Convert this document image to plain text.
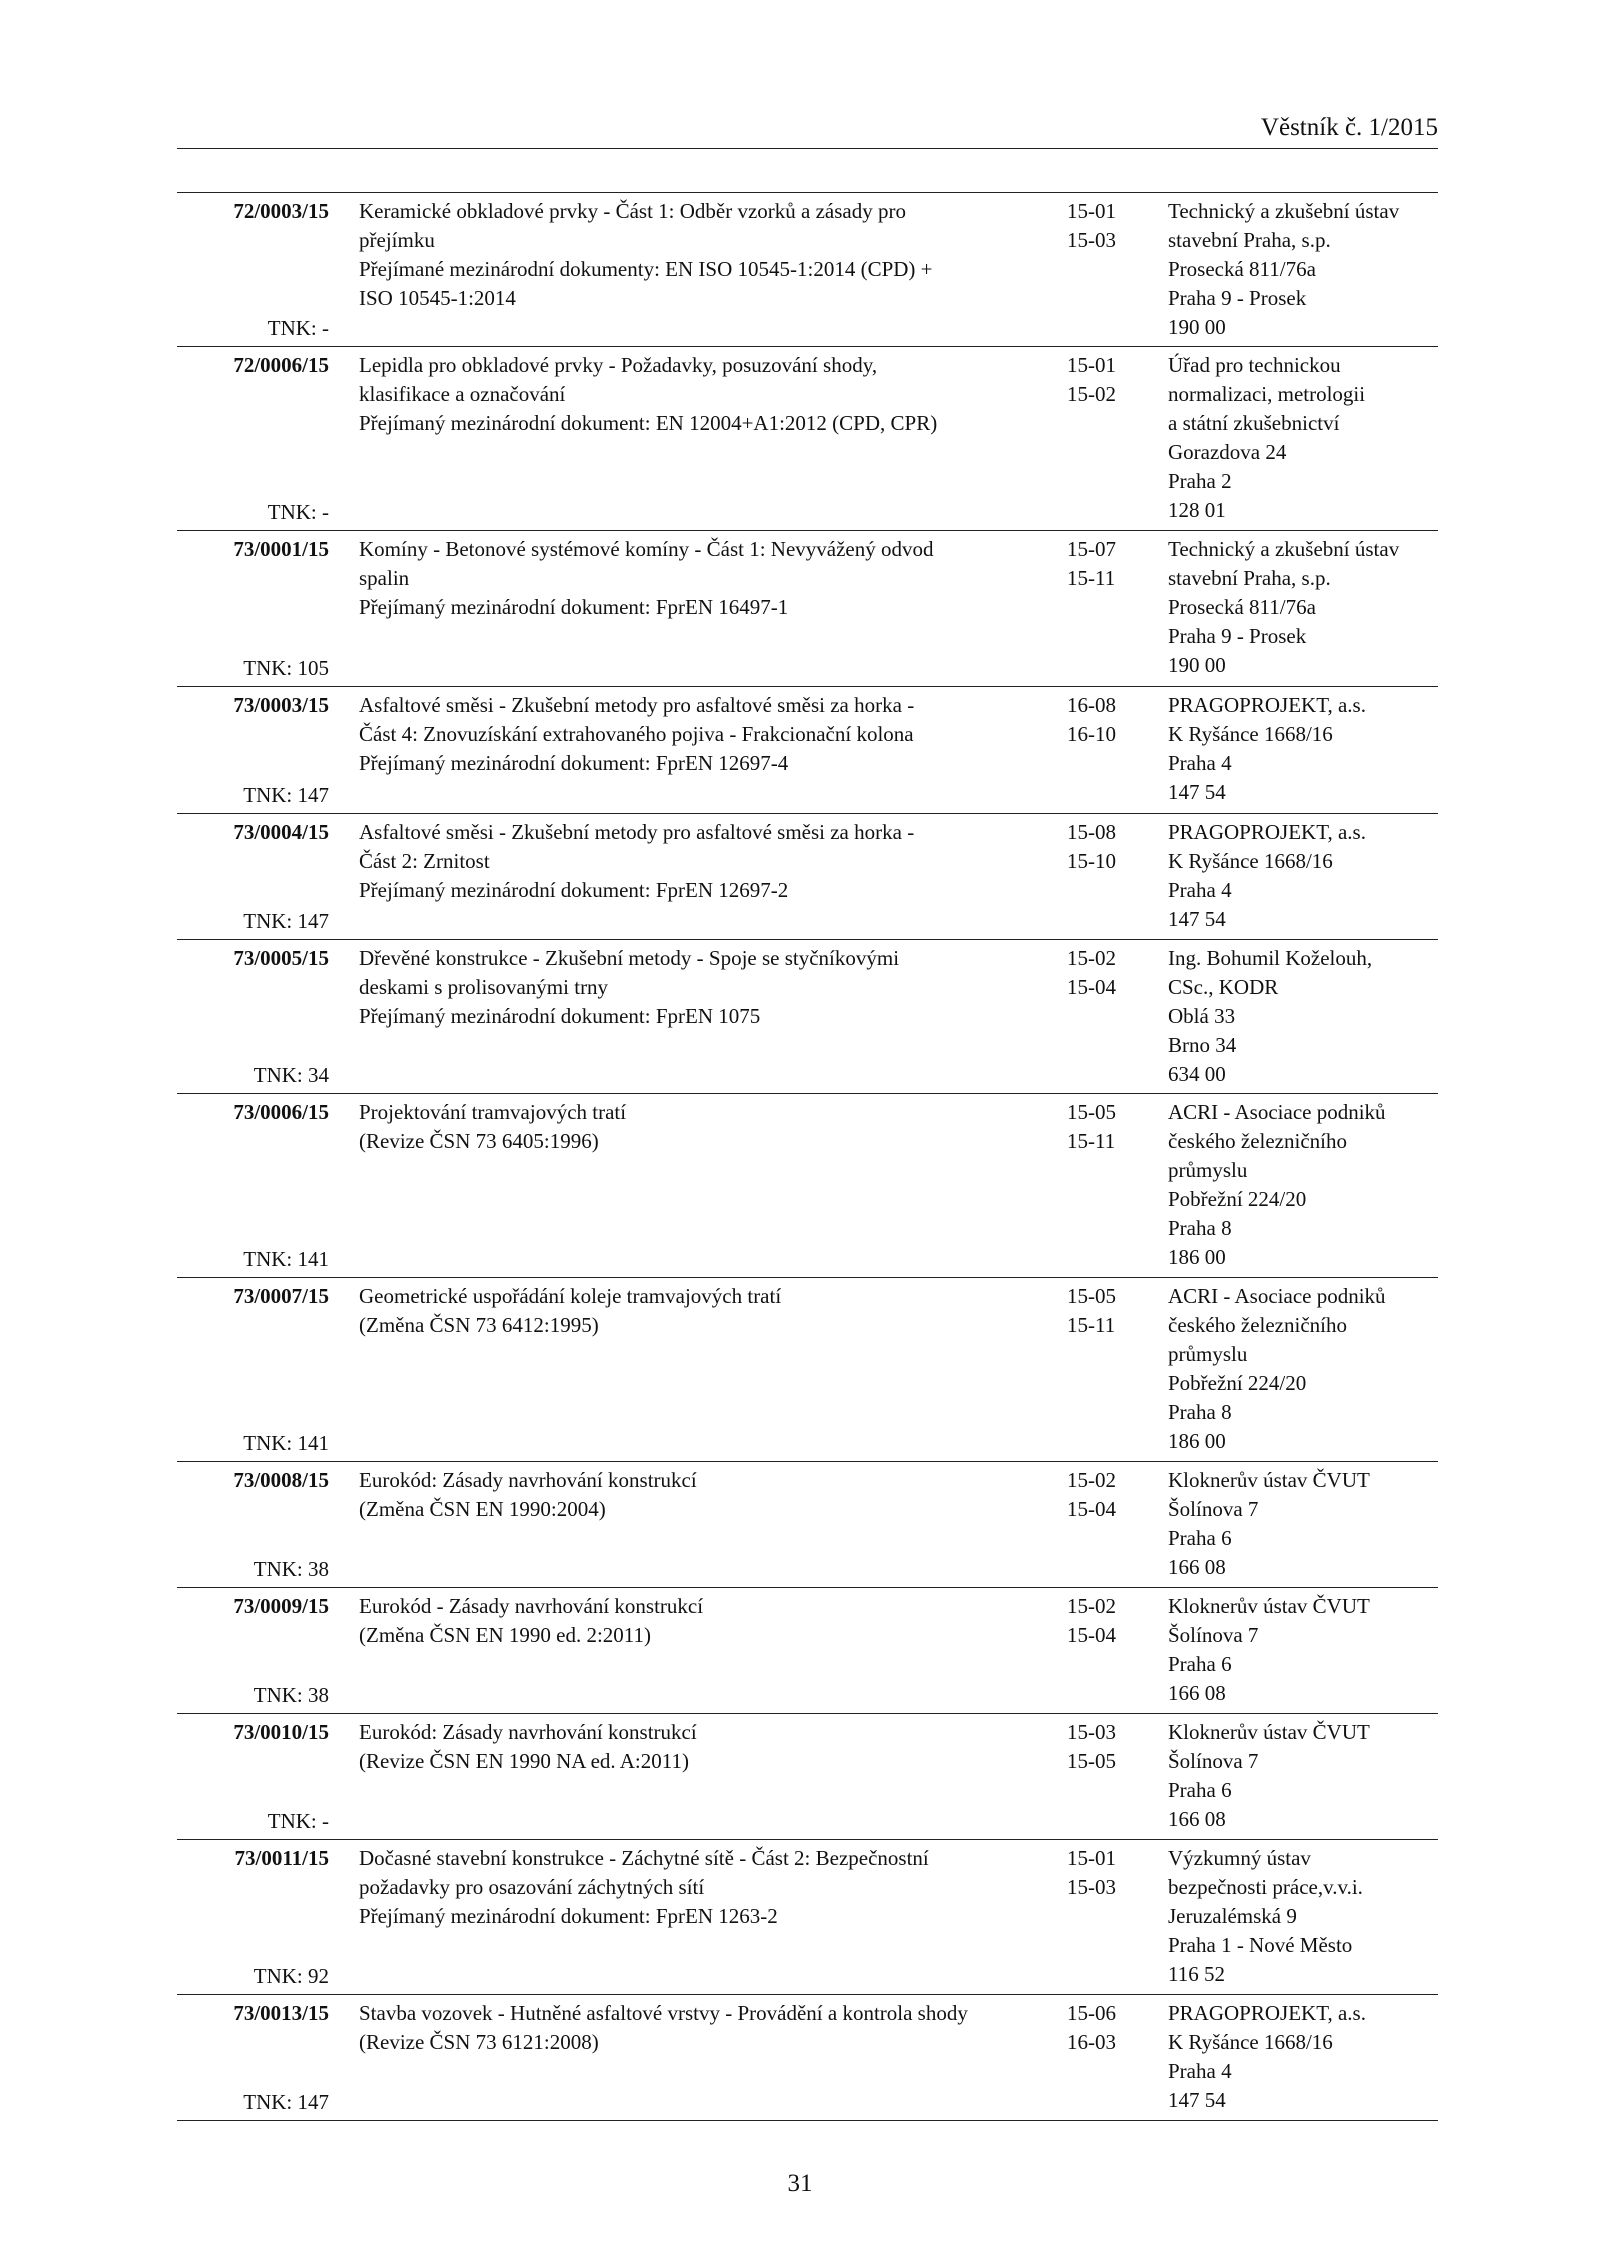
Věstník č. 1/2015
72/0003/15
TNK: -
Keramické obkladové prvky - Část 1: Odběr vzorků a zásady pro
přejímku
Přejímané mezinárodní dokumenty: EN ISO 10545-1:2014 (CPD) +
ISO 10545-1:2014
15-01
15-03
Technický a zkušební ústav
stavební Praha, s.p.
Prosecká 811/76a
Praha 9 - Prosek
190 00
72/0006/15
TNK: -
Lepidla pro obkladové prvky - Požadavky, posuzování shody,
klasifikace a označování
Přejímaný mezinárodní dokument: EN 12004+A1:2012 (CPD, CPR)
15-01
15-02
Úřad pro technickou
normalizaci, metrologii
a státní zkušebnictví
Gorazdova 24
Praha 2
128 01
73/0001/15
TNK: 105
Komíny - Betonové systémové komíny - Část 1: Nevyvážený odvod
spalin
Přejímaný mezinárodní dokument: FprEN 16497-1
15-07
15-11
Technický a zkušební ústav
stavební Praha, s.p.
Prosecká 811/76a
Praha 9 - Prosek
190 00
73/0003/15
TNK: 147
Asfaltové směsi - Zkušební metody pro asfaltové směsi za horka -
Část 4: Znovuzískání extrahovaného pojiva - Frakcionační kolona
Přejímaný mezinárodní dokument: FprEN 12697-4
16-08
16-10
PRAGOPROJEKT, a.s.
K Ryšánce 1668/16
Praha 4
147 54
73/0004/15
TNK: 147
Asfaltové směsi - Zkušební metody pro asfaltové směsi za horka -
Část 2: Zrnitost
Přejímaný mezinárodní dokument: FprEN 12697-2
15-08
15-10
PRAGOPROJEKT, a.s.
K Ryšánce 1668/16
Praha 4
147 54
73/0005/15
TNK: 34
Dřevěné konstrukce - Zkušební metody - Spoje se styčníkovými
deskami s prolisovanými trny
Přejímaný mezinárodní dokument: FprEN 1075
15-02
15-04
Ing. Bohumil Koželouh,
CSc., KODR
Oblá 33
Brno 34
634 00
73/0006/15
TNK: 141
Projektování tramvajových tratí
(Revize ČSN 73 6405:1996)
15-05
15-11
ACRI - Asociace podniků
českého železničního
průmyslu
Pobřežní 224/20
Praha 8
186 00
73/0007/15
TNK: 141
Geometrické uspořádání koleje tramvajových tratí
(Změna ČSN 73 6412:1995)
15-05
15-11
ACRI - Asociace podniků
českého železničního
průmyslu
Pobřežní 224/20
Praha 8
186 00
73/0008/15
TNK: 38
Eurokód: Zásady navrhování konstrukcí
(Změna ČSN EN 1990:2004)
15-02
15-04
Kloknerův ústav ČVUT
Šolínova 7
Praha 6
166 08
73/0009/15
TNK: 38
Eurokód - Zásady navrhování konstrukcí
(Změna ČSN EN 1990 ed. 2:2011)
15-02
15-04
Kloknerův ústav ČVUT
Šolínova 7
Praha 6
166 08
73/0010/15
TNK: -
Eurokód: Zásady navrhování konstrukcí
(Revize ČSN EN 1990 NA ed. A:2011)
15-03
15-05
Kloknerův ústav ČVUT
Šolínova 7
Praha 6
166 08
73/0011/15
TNK: 92
Dočasné stavební konstrukce - Záchytné sítě - Část 2: Bezpečnostní
požadavky pro osazování záchytných sítí
Přejímaný mezinárodní dokument: FprEN 1263-2
15-01
15-03
Výzkumný ústav
bezpečnosti práce,v.v.i.
Jeruzalémská 9
Praha 1 - Nové Město
116 52
73/0013/15
TNK: 147
Stavba vozovek - Hutněné asfaltové vrstvy - Provádění a kontrola shody
(Revize ČSN 73 6121:2008)
15-06
16-03
PRAGOPROJEKT, a.s.
K Ryšánce 1668/16
Praha 4
147 54
31
